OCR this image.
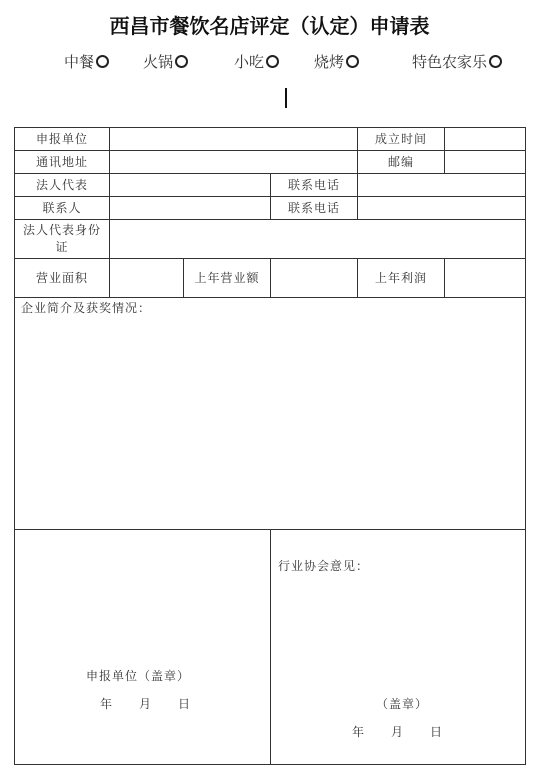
西昌市餐饮名店评定（认定）申请表
中餐	火锅	小吃	烧烤	特色农家乐
申报单位	成立时间
通讯地址	邮编
法人代表	联系电话
联系人	联系电话
法人代表身份证
营业面积	上年营业额	上年利润
企业简介及获奖情况：
申报单位（盖章）
年　　月　　日
行业协会意见：
（盖章）
年　　月　　日
